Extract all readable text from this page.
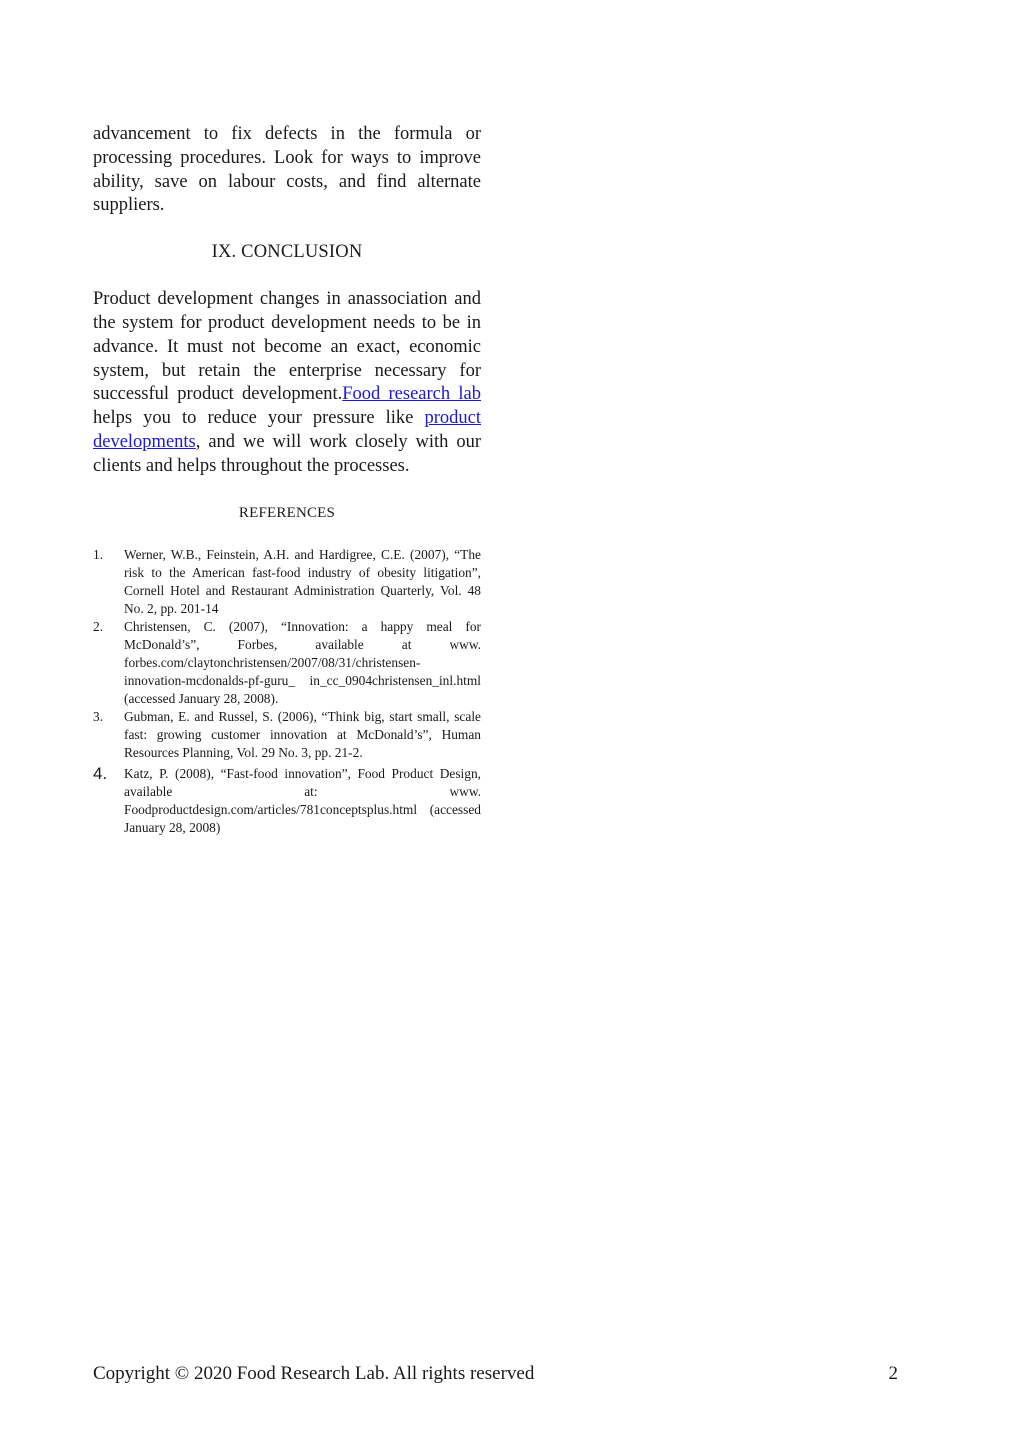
advancement to fix defects in the formula or processing procedures. Look for ways to improve ability, save on labour costs, and find alternate suppliers.

IX. CONCLUSION

Product development changes in anassociation and the system for product development needs to be in advance. It must not become an exact, economic system, but retain the enterprise necessary for successful product development.Food research lab helps you to reduce your pressure like product developments, and we will work closely with our clients and helps throughout the processes.

REFERENCES

1. Werner, W.B., Feinstein, A.H. and Hardigree, C.E. (2007), “The risk to the American fast-food industry of obesity litigation”, Cornell Hotel and Restaurant Administration Quarterly, Vol. 48 No. 2, pp. 201-14
2. Christensen, C. (2007), “Innovation: a happy meal for McDonald’s”, Forbes, available at www. forbes.com/claytonchristensen/2007/08/31/christensen-innovation-mcdonalds-pf-guru_ in_cc_0904christensen_inl.html (accessed January 28, 2008).
3. Gubman, E. and Russel, S. (2006), “Think big, start small, scale fast: growing customer innovation at McDonald’s”, Human Resources Planning, Vol. 29 No. 3, pp. 21-2.
4. Katz, P. (2008), “Fast-food innovation”, Food Product Design, available at: www. Foodproductdesign.com/articles/781conceptsplus.html (accessed January 28, 2008)
Copyright © 2020 Food Research Lab. All rights reserved	2
